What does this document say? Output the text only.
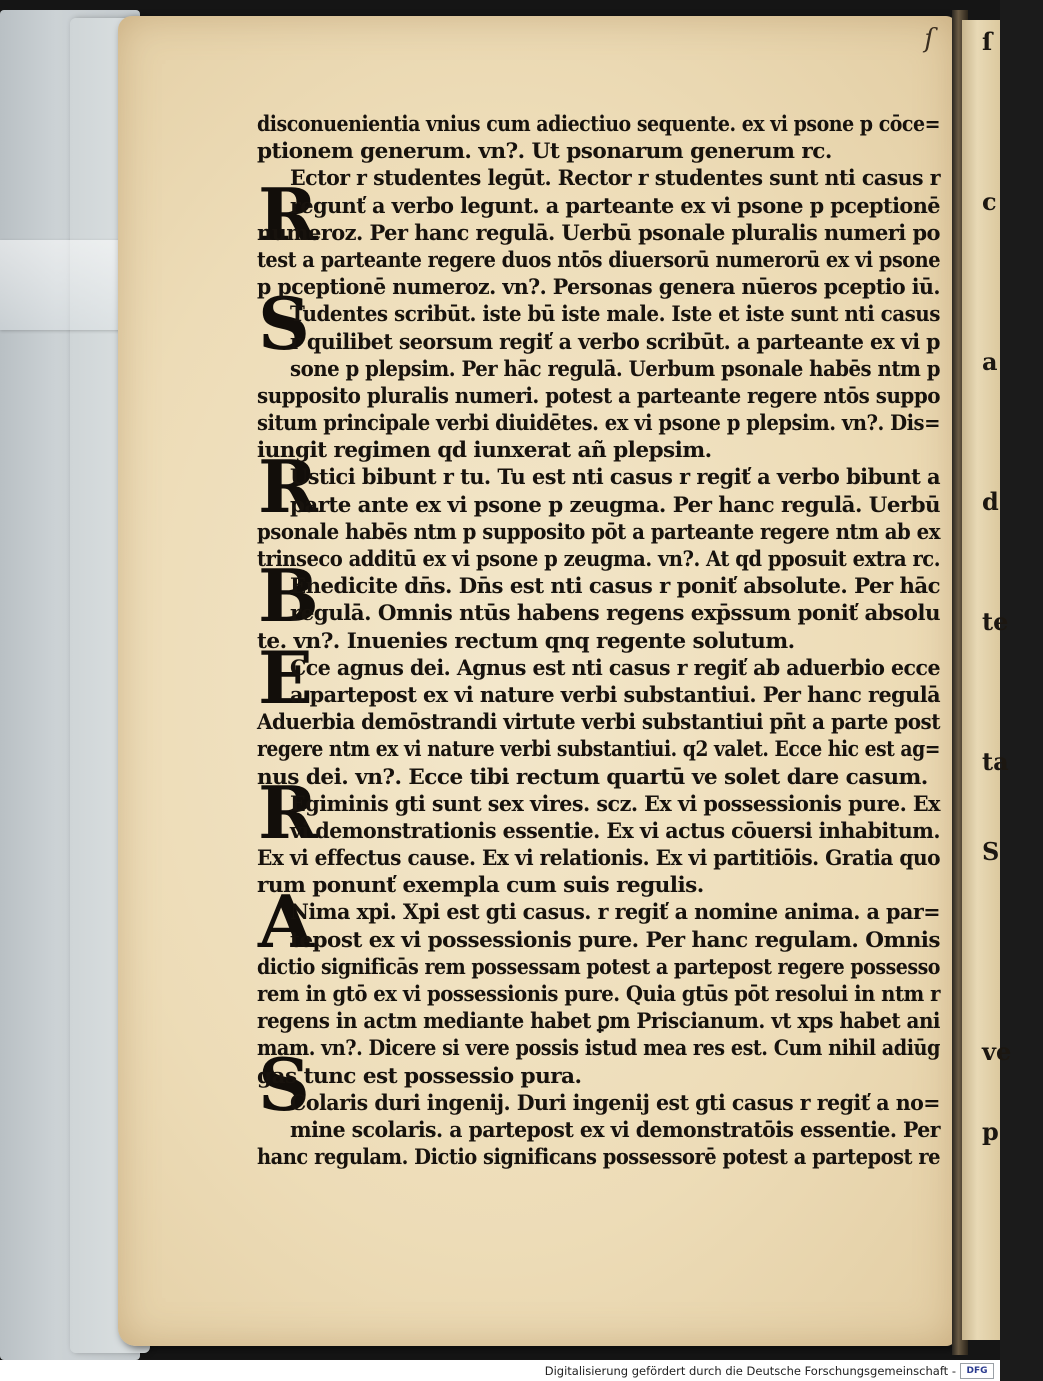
ſ ſ
c
a
d
te
ta
S
ve
p
R
S
R
B
E
R
A
S
disconuenientia vnius cum adiectiuo sequente. ex vi psone p cōce=
ptionem generum. vn?. Ut psonarum generum rc.
Ector r studentes legūt. Rector r studentes sunt nti casus r
regunť a verbo legunt. a parteante ex vi psone p pceptionē
numeroz. Per hanc regulā. Uerbū psonale pluralis numeri po
test a parteante regere duos ntōs diuersorū numerorū ex vi psone
p pceptionē numeroz. vn?. Personas genera nūeros pceptio iū.
Tudentes scribūt. iste bū iste male. Iste et iste sunt nti casus
r quilibet seorsum regiť a verbo scribūt. a parteante ex vi p
sone p plepsim. Per hāc regulā. Uerbum psonale habēs ntm p
supposito pluralis numeri. potest a parteante regere ntōs suppo
situm principale verbi diuidētes. ex vi psone p plepsim. vn?. Dis=
iungit regimen qd iunxerat añ plepsim.
Ustici bibunt r tu. Tu est nti casus r regiť a verbo bibunt a
parte ante ex vi psone p zeugma. Per hanc regulā. Uerbū
psonale habēs ntm p supposito pōt a parteante regere ntm ab ex
trinseco additū ex vi psone p zeugma. vn?. At qd pposuit extra rc.
Enedicite dn̄s. Dn̄s est nti casus r poniť absolute. Per hāc
regulā. Omnis ntūs habens regens exp̄ssum poniť absolu
te. vn?. Inuenies rectum qnq regente solutum.
Cce agnus dei. Agnus est nti casus r regiť ab aduerbio ecce
a partepost ex vi nature verbi substantiui. Per hanc regulā
Aduerbia demōstrandi virtute verbi substantiui pn̄t a parte post
regere ntm ex vi nature verbi substantiui. q2 valet. Ecce hic est ag=
nus dei. vn?. Ecce tibi rectum quartū ve solet dare casum.
Egiminis gti sunt sex vires. scz. Ex vi possessionis pure. Ex
vi demonstrationis essentie. Ex vi actus cōuersi inhabitum.
Ex vi effectus cause. Ex vi relationis. Ex vi partitiōis. Gratia quo
rum ponunť exempla cum suis regulis.
Nima xpi. Xpi est gti casus. r regiť a nomine anima. a par=
tepost ex vi possessionis pure. Per hanc regulam. Omnis
dictio significās rem possessam potest a partepost regere possesso
rem in gtō ex vi possessionis pure. Quia gtūs pōt resolui in ntm r
regens in actm mediante habet ꝑm Priscianum. vt xps habet ani
mam. vn?. Dicere si vere possis istud mea res est. Cum nihil adiūg
gas tunc est possessio pura.
Colaris duri ingenij. Duri ingenij est gti casus r regiť a no=
mine scolaris. a partepost ex vi demonstratōis essentie. Per
hanc regulam. Dictio significans possessorē potest a partepost re
Digitalisierung gefördert durch die Deutsche Forschungsgemeinschaft -	DFG
